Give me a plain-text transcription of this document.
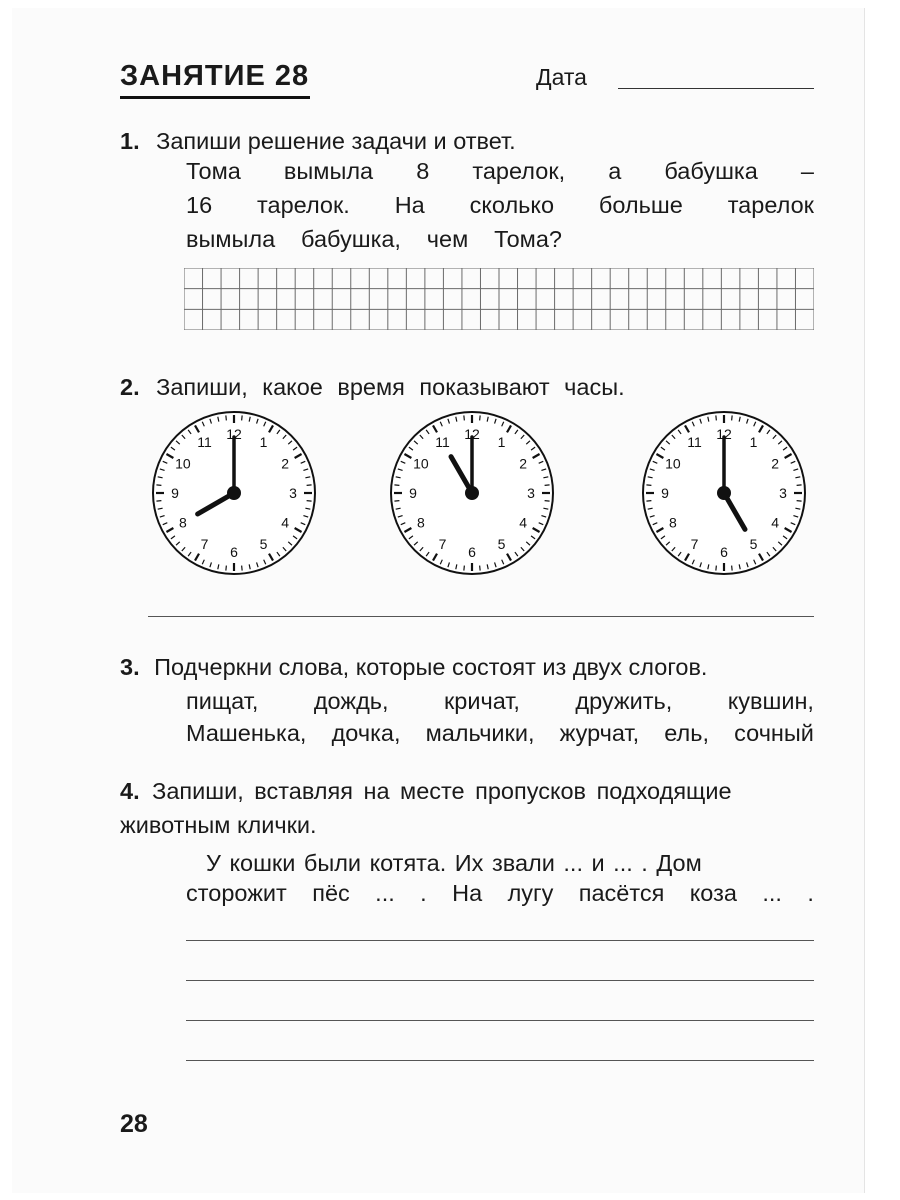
ЗАНЯТИЕ 28	Дата
1. Запиши решение задачи и ответ.
Тома вымыла 8 тарелок, а бабушка –
16 тарелок. На сколько больше тарелок
вымыла бабушка, чем Тома?
2. Запиши, какое время показывают часы.
1
2
3
4
5
6
7
8
9
10
11 12	1
2
3
4
5
6
7
8
9
10
11 12	1
2
3
4
5
6
7
8
9
10
11 12
3. Подчеркни слова, которые состоят из двух слогов.
пищат, дождь, кричат, дружить, кувшин,
Машенька, дочка, мальчики, журчат, ель, сочный
4. Запиши, вставляя на месте пропусков подходящие
животным клички.
У кошки были котята. Их звали ... и ... . Дом
сторожит пёс ... . На лугу пасётся коза ... .
28
